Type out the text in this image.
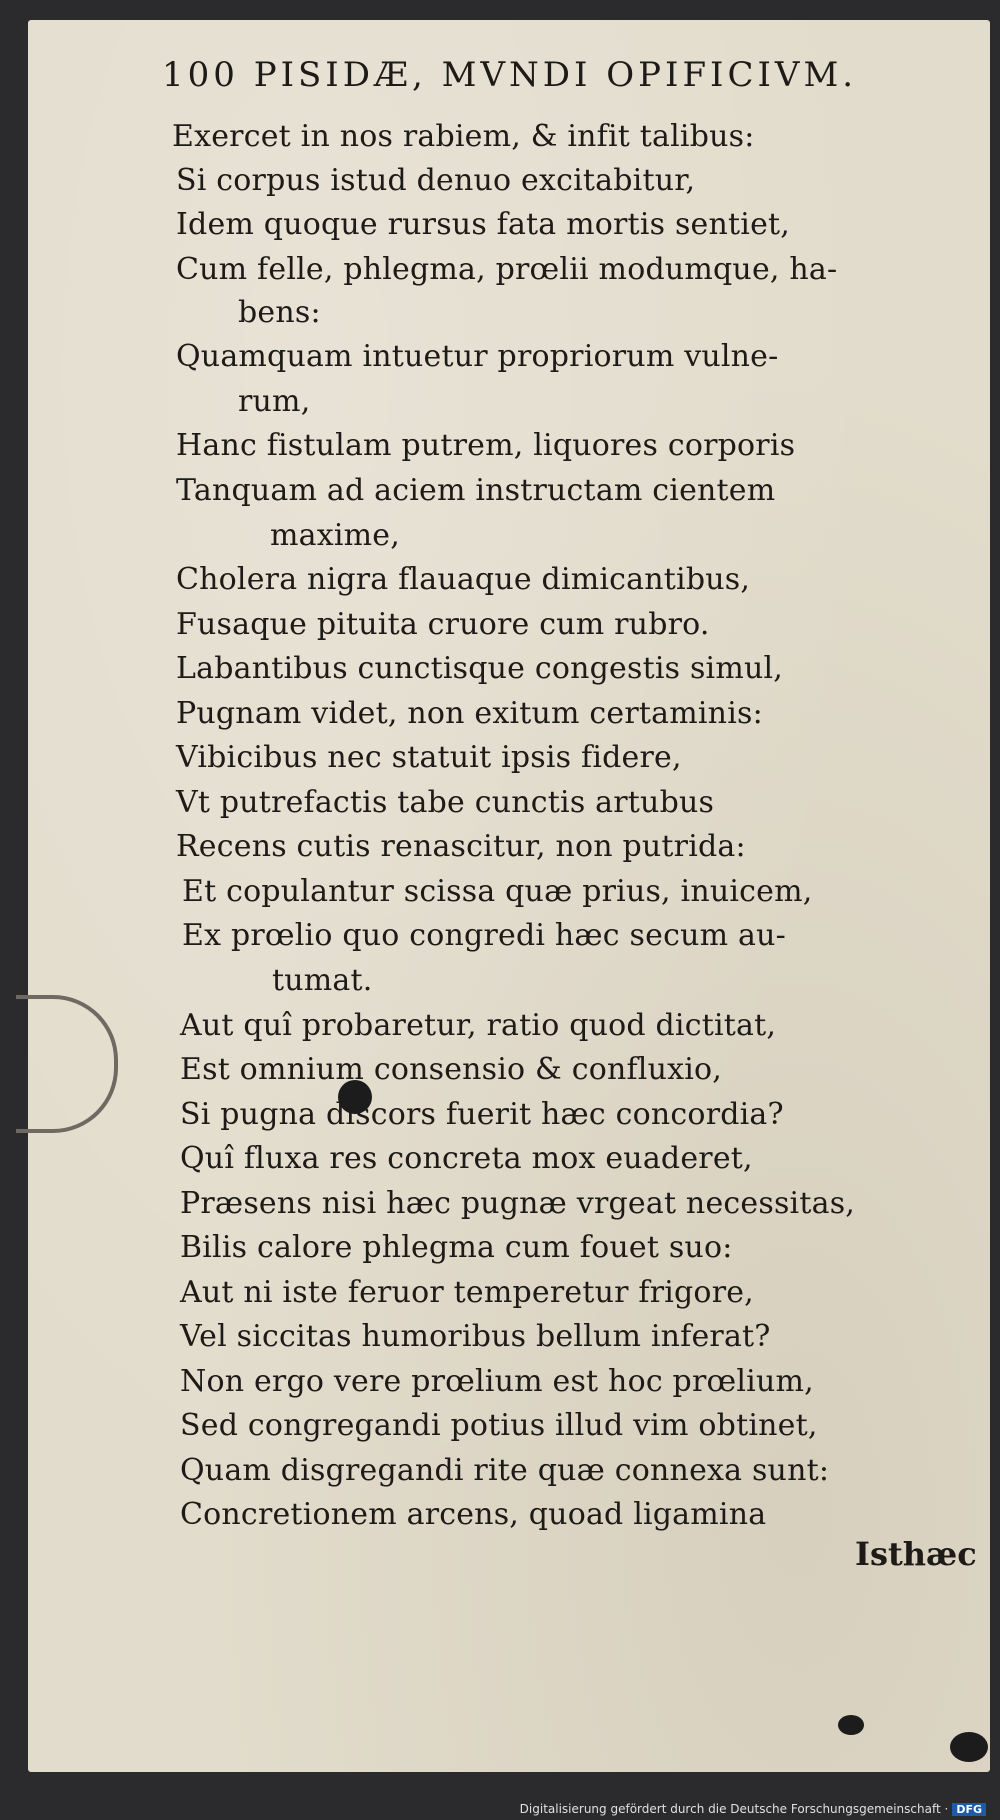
100 PISIDÆ, MVNDI OPIFICIVM.
Exercet in nos rabiem, & infit talibus:
Si corpus istud denuo excitabitur,
Idem quoque rursus fata mortis sentiet,
Cum felle, phlegma, prœlii modumque, ha-
bens:
Quamquam intuetur propriorum vulne-
rum,
Hanc fistulam putrem, liquores corporis
Tanquam ad aciem instructam cientem
maxime,
Cholera nigra flauaque dimicantibus,
Fusaque pituita cruore cum rubro.
Labantibus cunctisque congestis simul,
Pugnam videt, non exitum certaminis:
Vibicibus nec statuit ipsis fidere,
Vt putrefactis tabe cunctis artubus
Recens cutis renascitur, non putrida:
Et copulantur scissa quæ prius, inuicem,
Ex prœlio quo congredi hæc secum au-
tumat.
Aut quî probaretur, ratio quod dictitat,
Est omnium consensio & confluxio,
Si pugna discors fuerit hæc concordia?
Quî fluxa res concreta mox euaderet,
Præsens nisi hæc pugnæ vrgeat necessitas,
Bilis calore phlegma cum fouet suo:
Aut ni iste feruor temperetur frigore,
Vel siccitas humoribus bellum inferat?
Non ergo vere prœlium est hoc prœlium,
Sed congregandi potius illud vim obtinet,
Quam disgregandi rite quæ connexa sunt:
Concretionem arcens, quoad ligamina
Isthæc
Digitalisierung gefördert durch die Deutsche Forschungsgemeinschaft · DFG
